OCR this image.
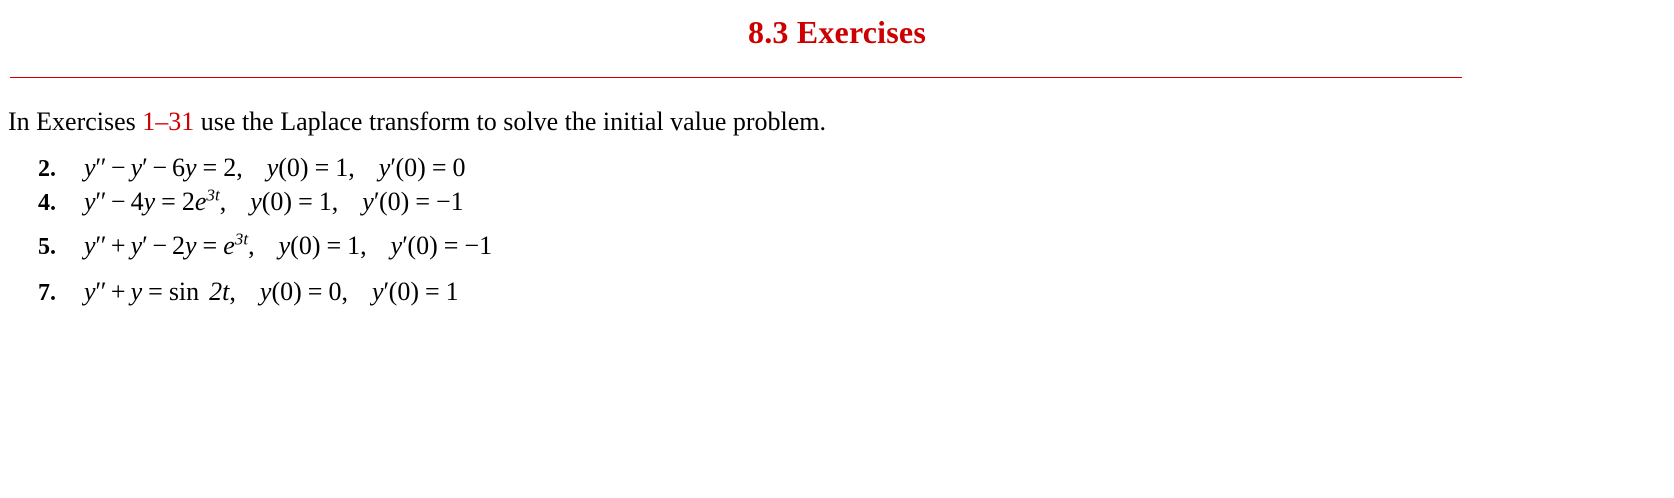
8.3 Exercises

In Exercises 1–31 use the Laplace transform to solve the initial value problem.

2.	y′′ − y′ − 6y = 2, y(0) = 1, y′(0) = 0
4.	$y'' - 4y = 2e^{3t}$, y(0) = 1, y′(0) = −1
5.	$y'' + y' - 2y = e^{3t}$, y(0) = 1, y′(0) = −1
7.	y′′ + y = sin 2t, y(0) = 0, y′(0) = 1
